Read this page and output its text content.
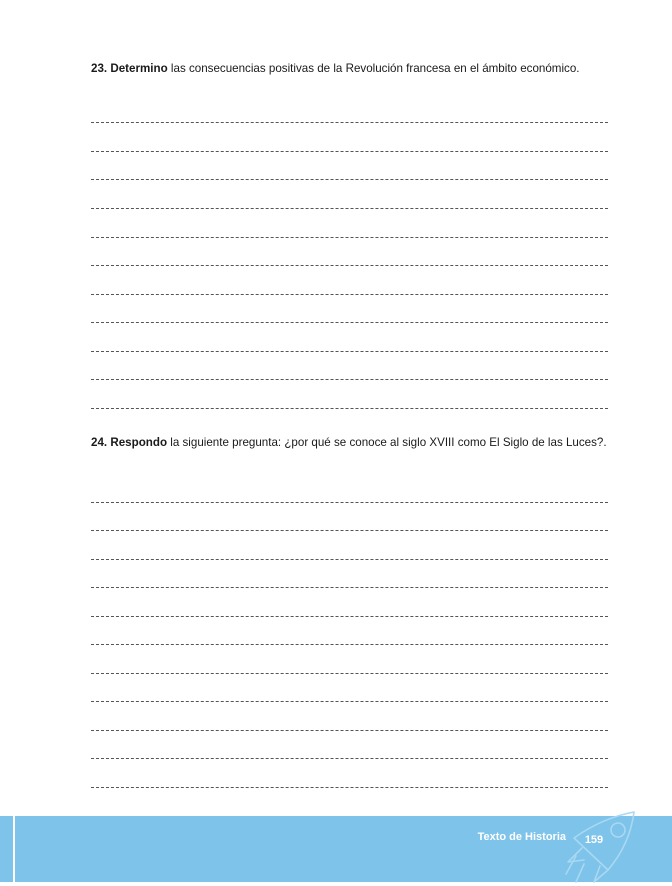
23. Determino las consecuencias positivas de la Revolución francesa en el ámbito económico.
24. Respondo la siguiente pregunta: ¿por qué se conoce al siglo XVIII como El Siglo de las Luces?.
Texto de Historia	159
